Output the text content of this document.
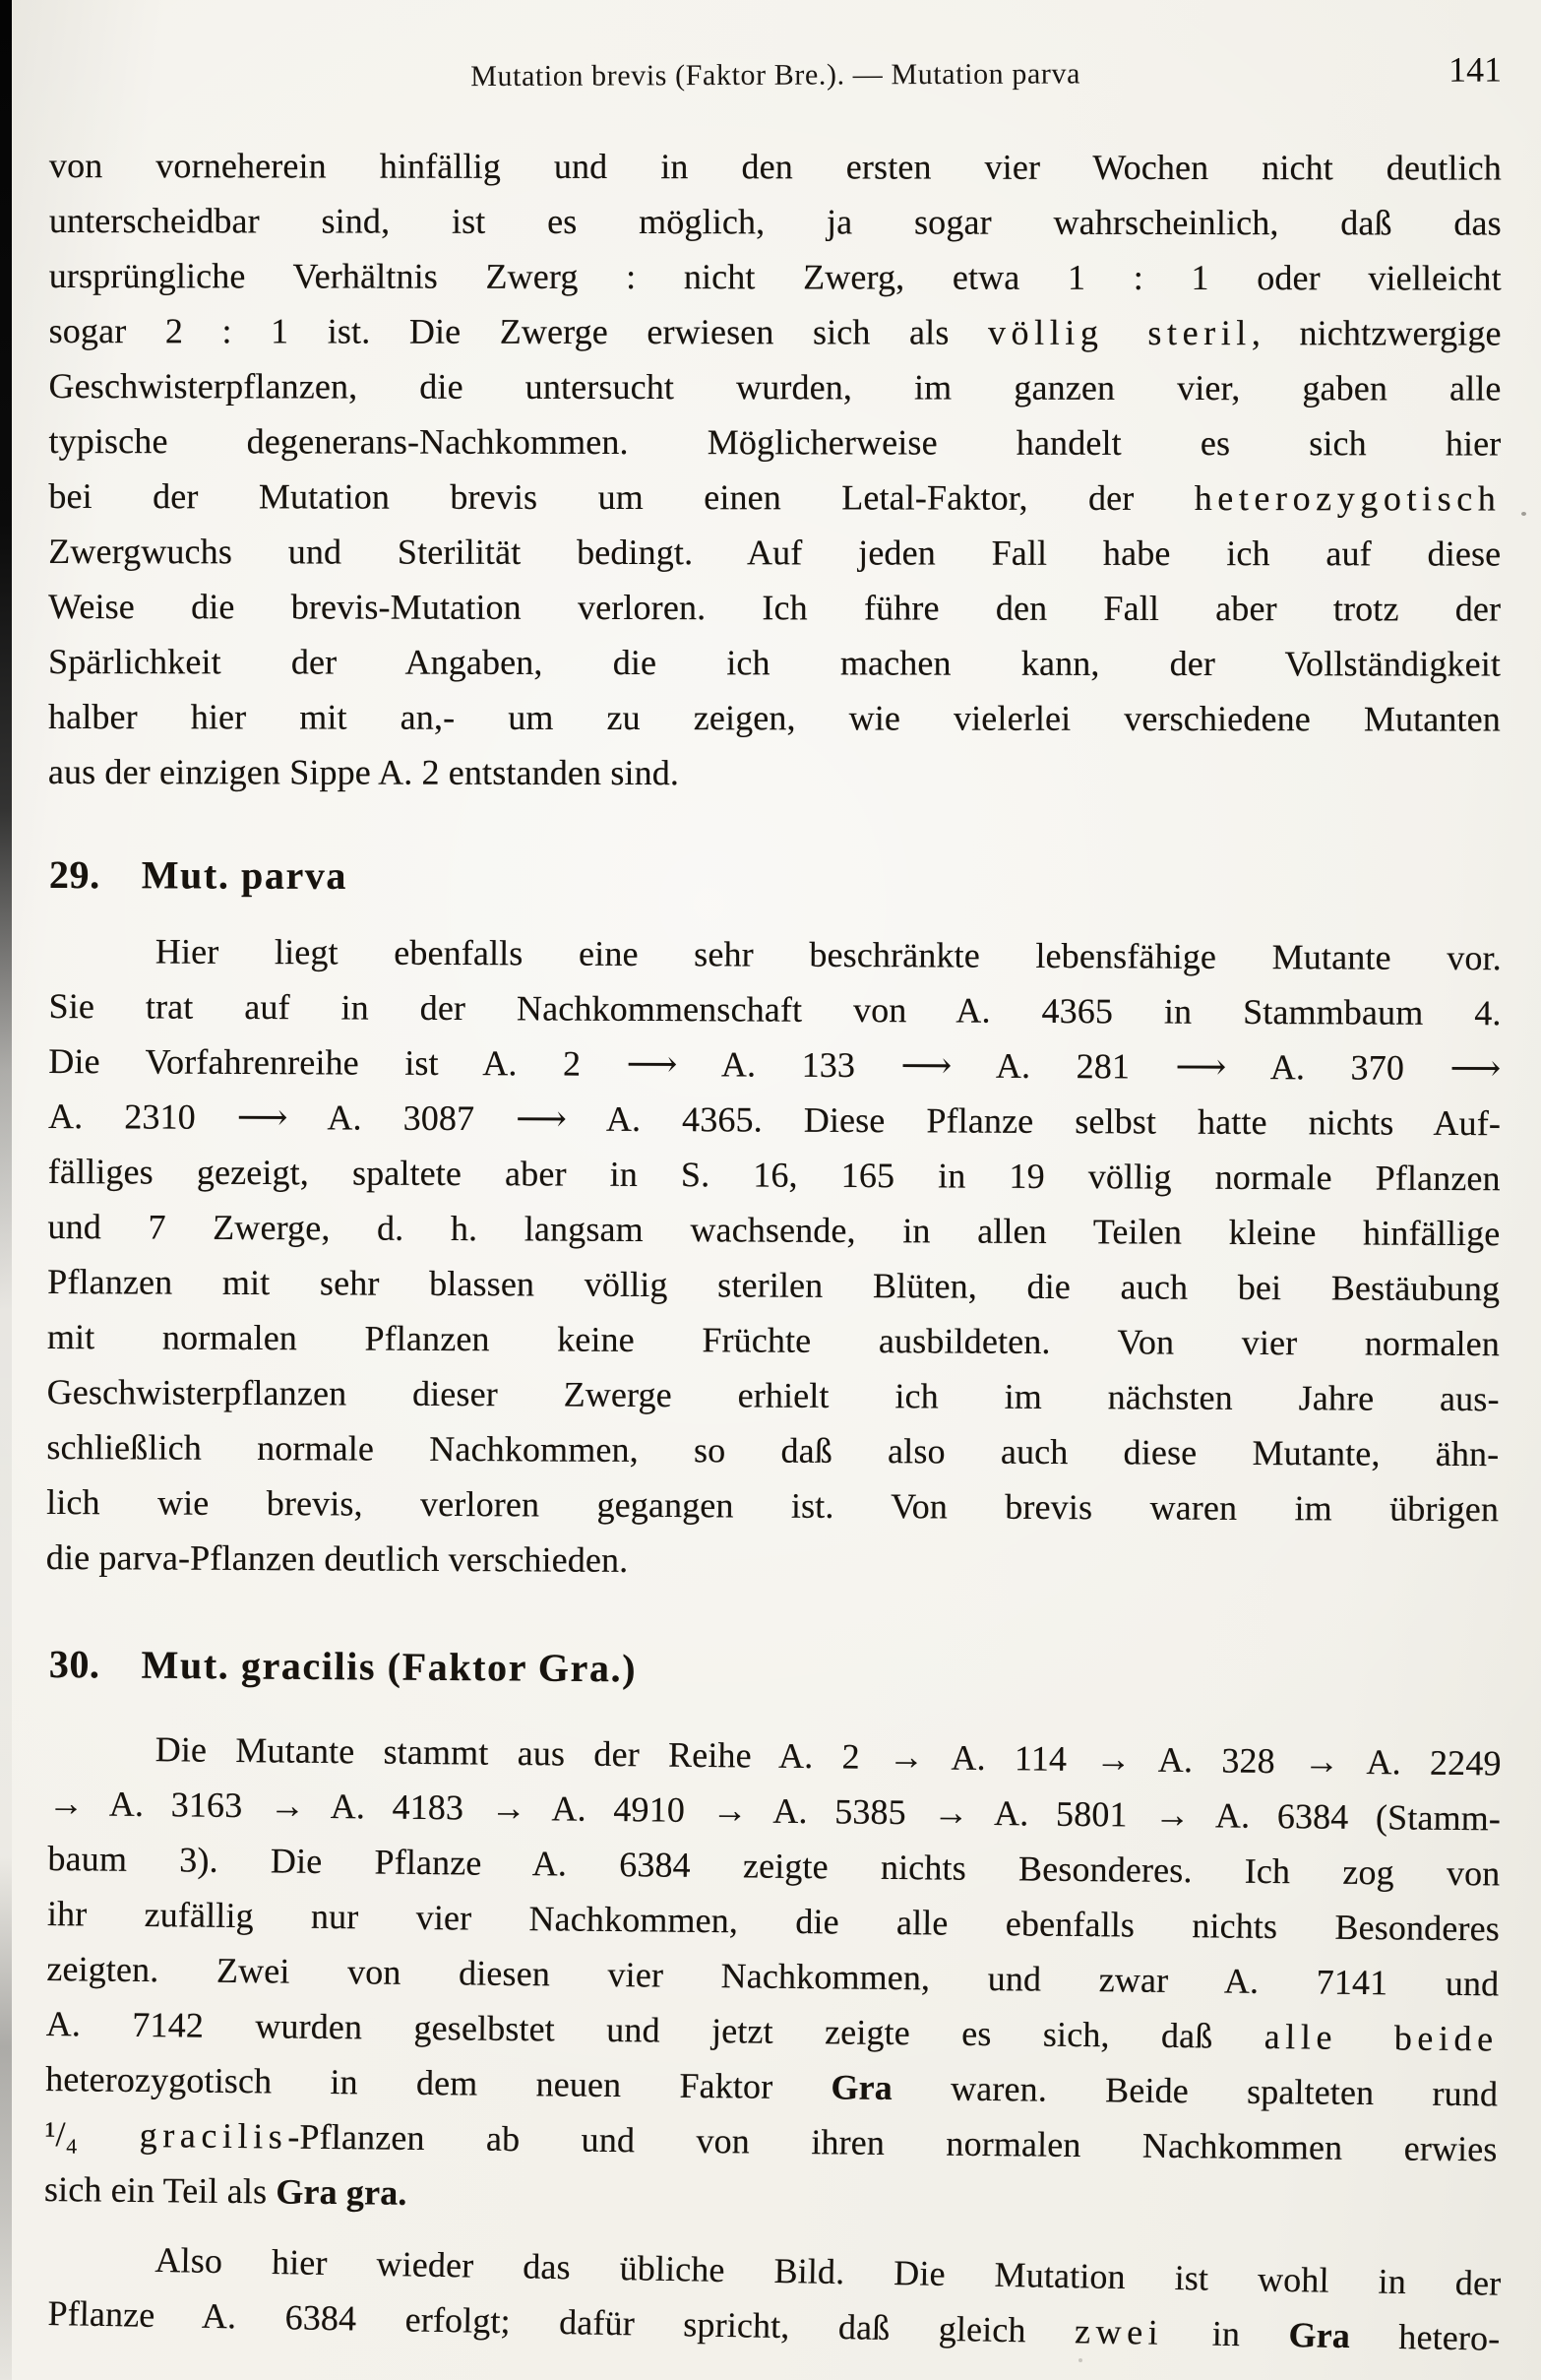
Mutation brevis (Faktor Bre.). — Mutation parva	141
von vorneherein hinfällig und in den ersten vier Wochen nicht deutlich
unterscheidbar sind, ist es möglich, ja sogar wahrscheinlich, daß das
ursprüngliche Verhältnis Zwerg : nicht Zwerg, etwa 1 : 1 oder vielleicht
sogar 2 : 1 ist. Die Zwerge erwiesen sich als völlig steril, nichtzwergige
Geschwisterpflanzen, die untersucht wurden, im ganzen vier, gaben alle
typische degenerans-Nachkommen. Möglicherweise handelt es sich hier
bei der Mutation brevis um einen Letal-Faktor, der heterozygotisch
Zwergwuchs und Sterilität bedingt. Auf jeden Fall habe ich auf diese
Weise die brevis-Mutation verloren. Ich führe den Fall aber trotz der
Spärlichkeit der Angaben, die ich machen kann, der Vollständigkeit
halber hier mit an,- um zu zeigen, wie vielerlei verschiedene Mutanten
aus der einzigen Sippe A. 2 entstanden sind.
29. Mut. parva
Hier liegt ebenfalls eine sehr beschränkte lebensfähige Mutante vor.
Sie trat auf in der Nachkommenschaft von A. 4365 in Stammbaum 4.
Die Vorfahrenreihe ist A. 2 ⟶ A. 133 ⟶ A. 281 ⟶ A. 370 ⟶
A. 2310 ⟶ A. 3087 ⟶ A. 4365. Diese Pflanze selbst hatte nichts Auf-
fälliges gezeigt, spaltete aber in S. 16, 165 in 19 völlig normale Pflanzen
und 7 Zwerge, d. h. langsam wachsende, in allen Teilen kleine hinfällige
Pflanzen mit sehr blassen völlig sterilen Blüten, die auch bei Bestäubung
mit normalen Pflanzen keine Früchte ausbildeten. Von vier normalen
Geschwisterpflanzen dieser Zwerge erhielt ich im nächsten Jahre aus-
schließlich normale Nachkommen, so daß also auch diese Mutante, ähn-
lich wie brevis, verloren gegangen ist. Von brevis waren im übrigen
die parva-Pflanzen deutlich verschieden.
30. Mut. gracilis (Faktor Gra.)
Die Mutante stammt aus der Reihe A. 2 → A. 114 → A. 328 → A. 2249
→ A. 3163 → A. 4183 → A. 4910 → A. 5385 → A. 5801 → A. 6384 (Stamm-
baum 3). Die Pflanze A. 6384 zeigte nichts Besonderes. Ich zog von
ihr zufällig nur vier Nachkommen, die alle ebenfalls nichts Besonderes
zeigten. Zwei von diesen vier Nachkommen, und zwar A. 7141 und
A. 7142 wurden geselbstet und jetzt zeigte es sich, daß alle beide
heterozygotisch in dem neuen Faktor Gra waren. Beide spalteten rund
¹/₄ gracilis-Pflanzen ab und von ihren normalen Nachkommen erwies
sich ein Teil als Gra gra.
Also hier wieder das übliche Bild. Die Mutation ist wohl in der
Pflanze A. 6384 erfolgt; dafür spricht, daß gleich zwei in Gra hetero-
